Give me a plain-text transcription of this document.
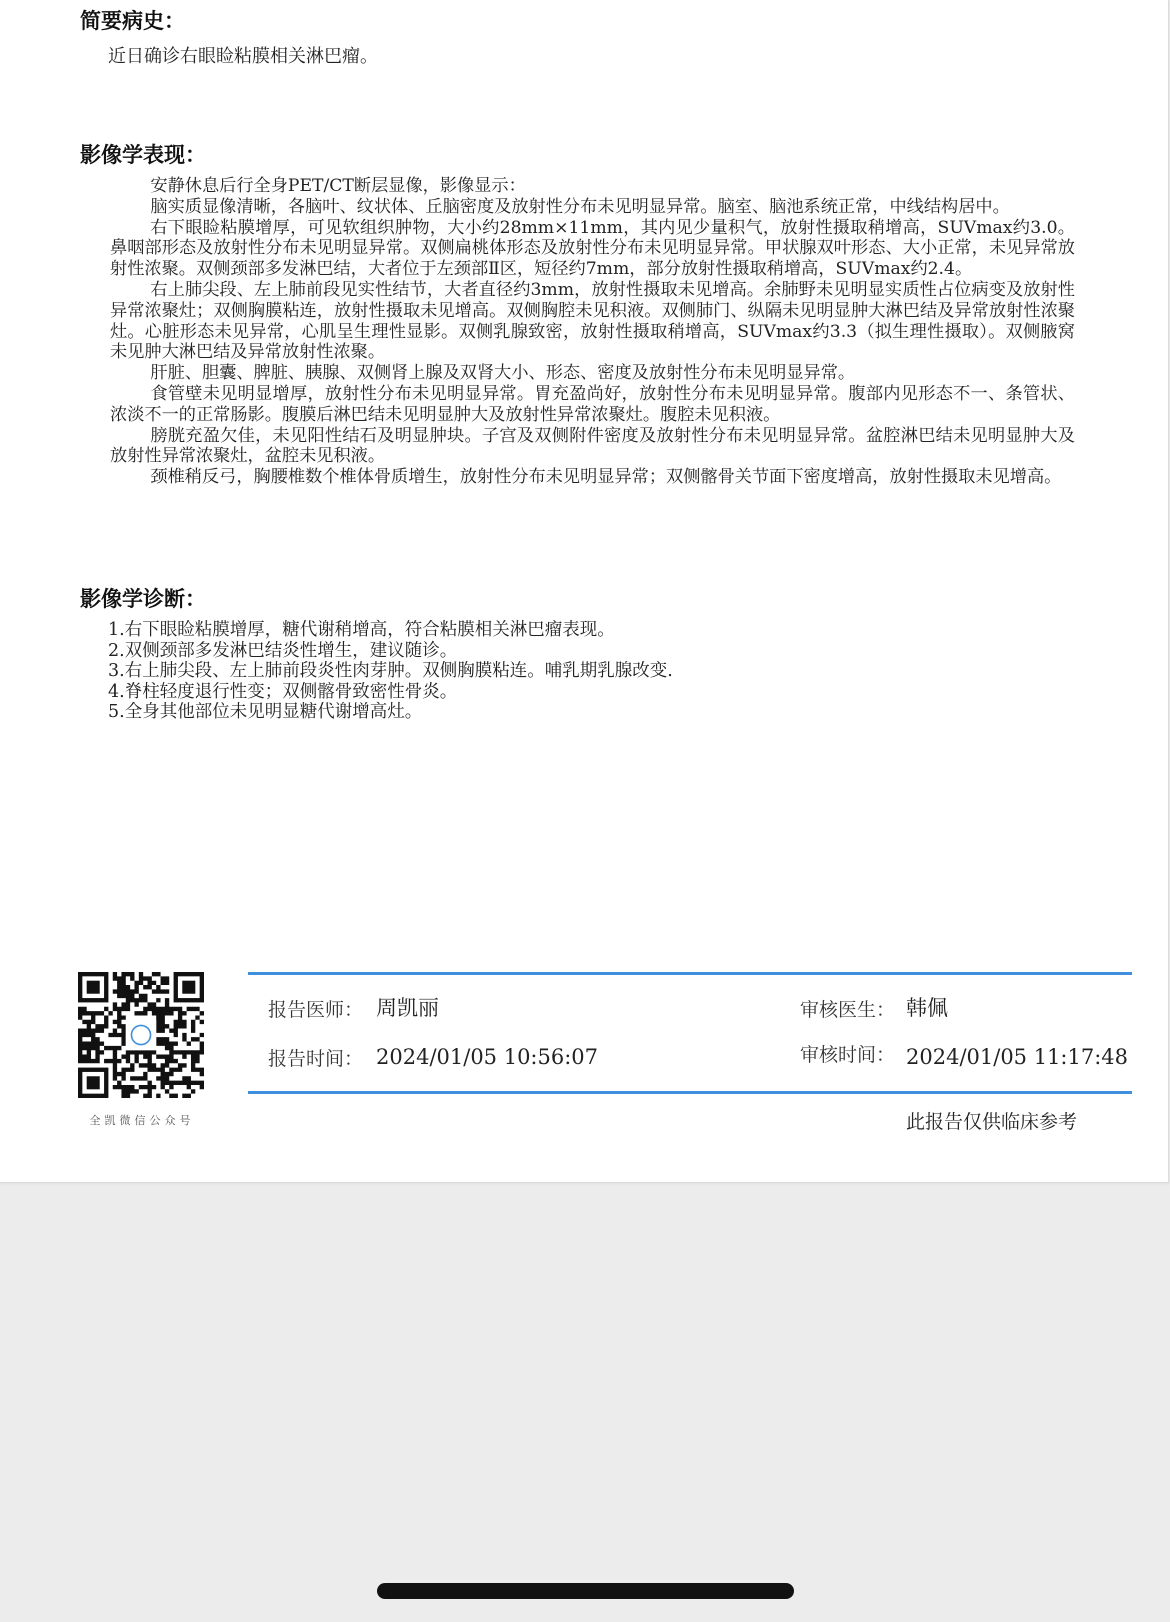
简要病史：
近日确诊右眼睑粘膜相关淋巴瘤。
影像学表现：

安静休息后行全身PET/CT断层显像，影像显示：

脑实质显像清晰，各脑叶、纹状体、丘脑密度及放射性分布未见明显异常。脑室、脑池系统正常，中线结构居中。

右下眼睑粘膜增厚，可见软组织肿物，大小约28mm×11mm，其内见少量积气，放射性摄取稍增高，SUVmax约3.0。鼻咽部形态及放射性分布未见明显异常。双侧扁桃体形态及放射性分布未见明显异常。甲状腺双叶形态、大小正常，未见异常放射性浓聚。双侧颈部多发淋巴结，大者位于左颈部Ⅱ区，短径约7mm，部分放射性摄取稍增高，SUVmax约2.4。

右上肺尖段、左上肺前段见实性结节，大者直径约3mm，放射性摄取未见增高。余肺野未见明显实质性占位病变及放射性异常浓聚灶；双侧胸膜粘连，放射性摄取未见增高。双侧胸腔未见积液。双侧肺门、纵隔未见明显肿大淋巴结及异常放射性浓聚灶。心脏形态未见异常，心肌呈生理性显影。双侧乳腺致密，放射性摄取稍增高，SUVmax约3.3（拟生理性摄取）。双侧腋窝未见肿大淋巴结及异常放射性浓聚。

肝脏、胆囊、脾脏、胰腺、双侧肾上腺及双肾大小、形态、密度及放射性分布未见明显异常。

食管壁未见明显增厚，放射性分布未见明显异常。胃充盈尚好，放射性分布未见明显异常。腹部内见形态不一、条管状、浓淡不一的正常肠影。腹膜后淋巴结未见明显肿大及放射性异常浓聚灶。腹腔未见积液。

膀胱充盈欠佳，未见阳性结石及明显肿块。子宫及双侧附件密度及放射性分布未见明显异常。盆腔淋巴结未见明显肿大及放射性异常浓聚灶，盆腔未见积液。

颈椎稍反弓，胸腰椎数个椎体骨质增生，放射性分布未见明显异常；双侧髂骨关节面下密度增高，放射性摄取未见增高。

影像学诊断：
1.右下眼睑粘膜增厚，糖代谢稍增高，符合粘膜相关淋巴瘤表现。
2.双侧颈部多发淋巴结炎性增生，建议随诊。
3.右上肺尖段、左上肺前段炎性肉芽肿。双侧胸膜粘连。哺乳期乳腺改变.
4.脊柱轻度退行性变；双侧髂骨致密性骨炎。
5.全身其他部位未见明显糖代谢增高灶。
全凯微信公众号
报告医师： 周凯丽
报告时间： 2024/01/05 10:56:07
审核医生： 韩佩
审核时间： 2024/01/05 11:17:48
此报告仅供临床参考
